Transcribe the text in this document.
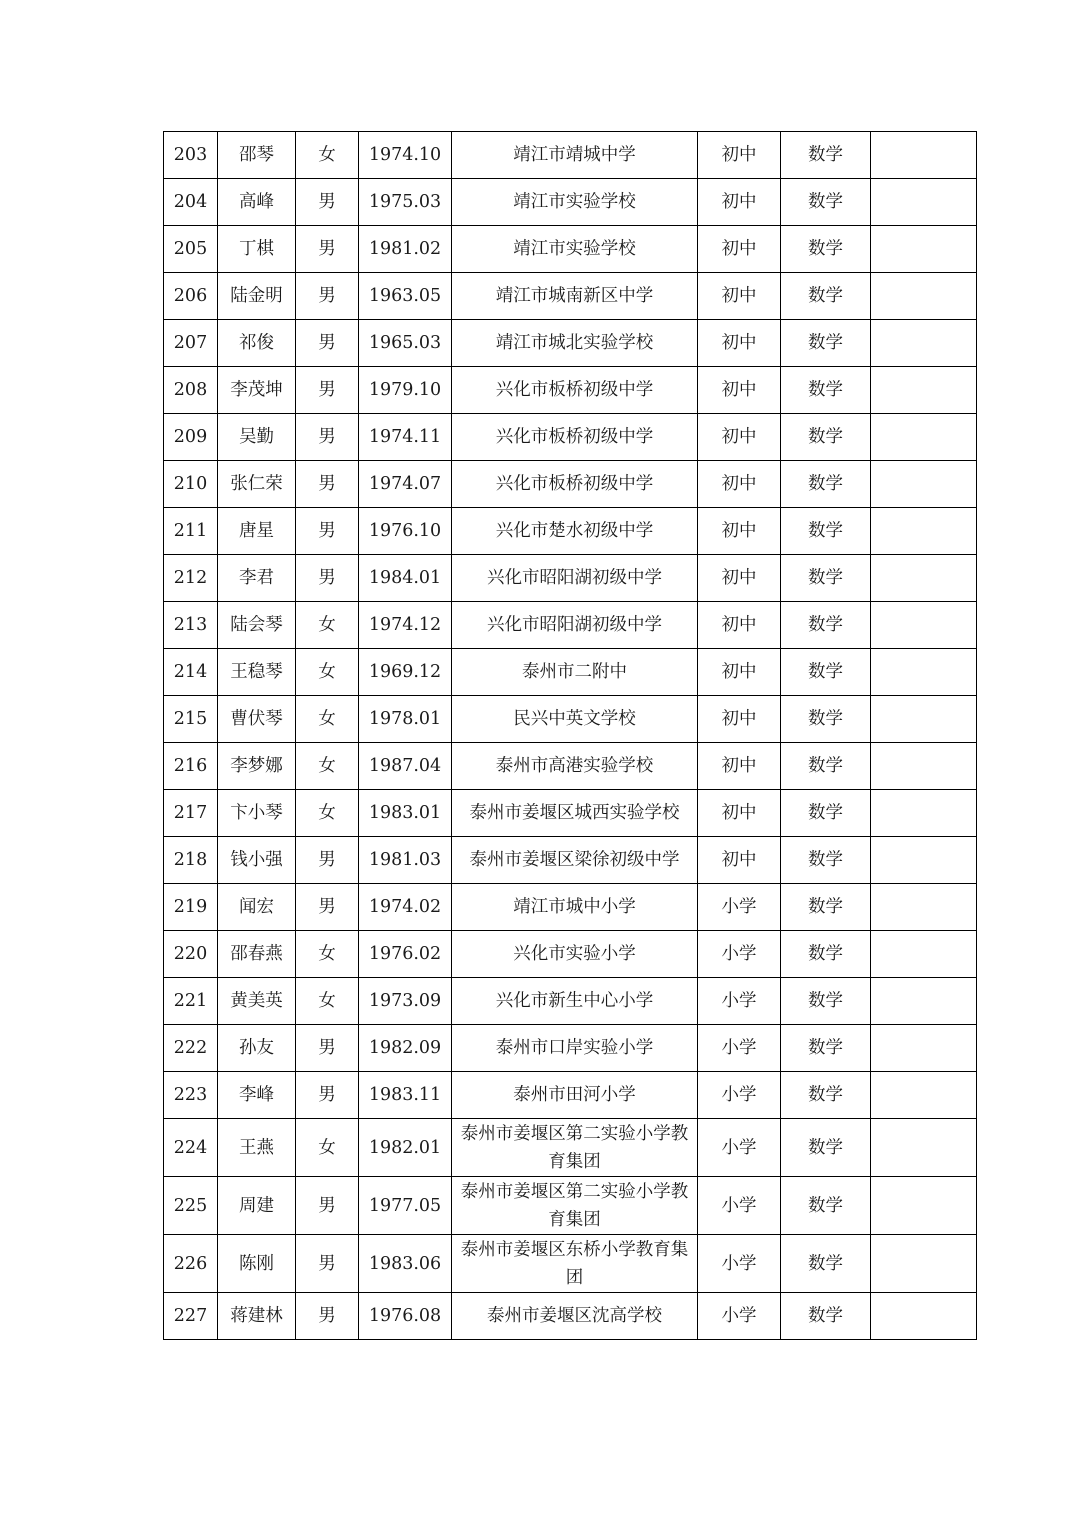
203	邵琴	女	1974.10	靖江市靖城中学	初中	数学	
204	高峰	男	1975.03	靖江市实验学校	初中	数学	
205	丁棋	男	1981.02	靖江市实验学校	初中	数学	
206	陆金明	男	1963.05	靖江市城南新区中学	初中	数学	
207	祁俊	男	1965.03	靖江市城北实验学校	初中	数学	
208	李茂坤	男	1979.10	兴化市板桥初级中学	初中	数学	
209	吴勤	男	1974.11	兴化市板桥初级中学	初中	数学	
210	张仁荣	男	1974.07	兴化市板桥初级中学	初中	数学	
211	唐星	男	1976.10	兴化市楚水初级中学	初中	数学	
212	李君	男	1984.01	兴化市昭阳湖初级中学	初中	数学	
213	陆会琴	女	1974.12	兴化市昭阳湖初级中学	初中	数学	
214	王稳琴	女	1969.12	泰州市二附中	初中	数学	
215	曹伏琴	女	1978.01	民兴中英文学校	初中	数学	
216	李梦娜	女	1987.04	泰州市高港实验学校	初中	数学	
217	卞小琴	女	1983.01	泰州市姜堰区城西实验学校	初中	数学	
218	钱小强	男	1981.03	泰州市姜堰区梁徐初级中学	初中	数学	
219	闻宏	男	1974.02	靖江市城中小学	小学	数学	
220	邵春燕	女	1976.02	兴化市实验小学	小学	数学	
221	黄美英	女	1973.09	兴化市新生中心小学	小学	数学	
222	孙友	男	1982.09	泰州市口岸实验小学	小学	数学	
223	李峰	男	1983.11	泰州市田河小学	小学	数学	
224	王燕	女	1982.01	泰州市姜堰区第二实验小学教育集团	小学	数学	
225	周建	男	1977.05	泰州市姜堰区第二实验小学教育集团	小学	数学	
226	陈刚	男	1983.06	泰州市姜堰区东桥小学教育集团	小学	数学	
227	蒋建林	男	1976.08	泰州市姜堰区沈高学校	小学	数学	
